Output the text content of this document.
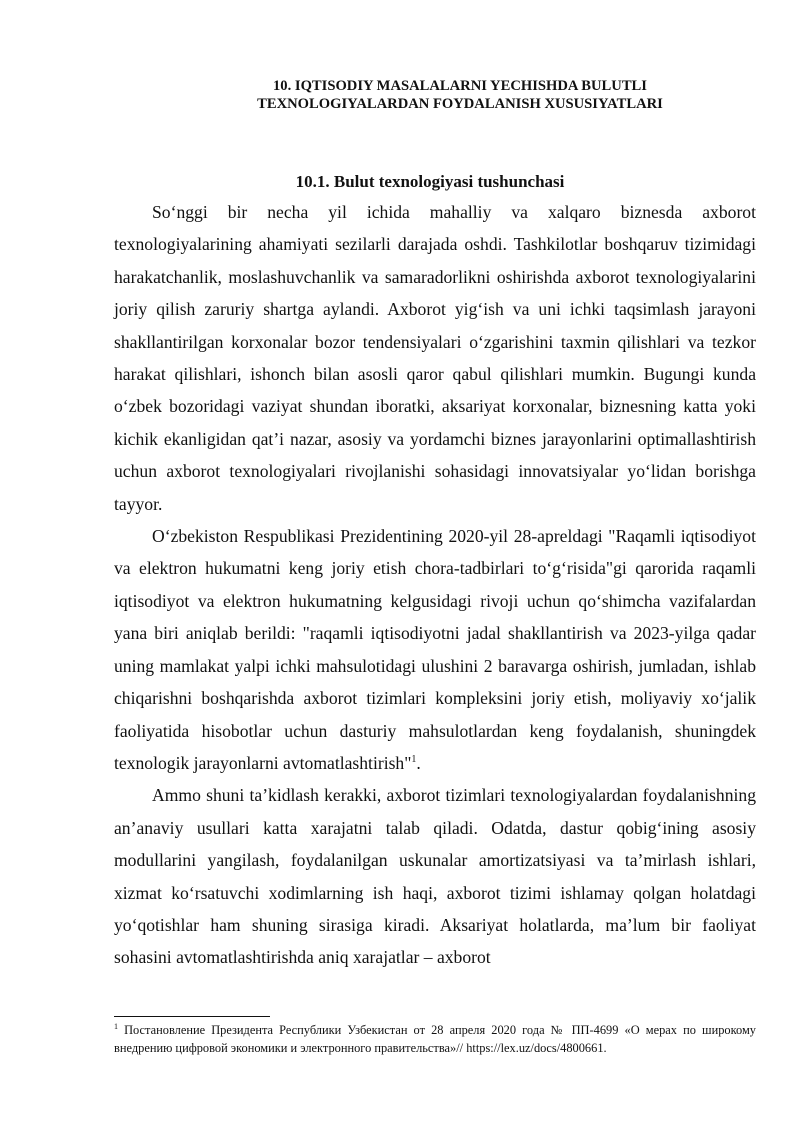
10. IQTISODIY MASALALARNI YECHISHDA BULUTLI
TEXNOLOGIYALARDAN FOYDALANISH XUSUSIYATLARI
10.1. Bulut texnologiyasi tushunchasi

So‘nggi bir necha yil ichida mahalliy va xalqaro biznesda axborot texnologiyalarining ahamiyati sezilarli darajada oshdi. Tashkilotlar boshqaruv tizimidagi harakatchanlik, moslashuvchanlik va samaradorlikni oshirishda axborot texnologiyalarini joriy qilish zaruriy shartga aylandi. Axborot yig‘ish va uni ichki taqsimlash jarayoni shakllantirilgan korxonalar bozor tendensiyalari o‘zgarishini taxmin qilishlari va tezkor harakat qilishlari, ishonch bilan asosli qaror qabul qilishlari mumkin. Bugungi kunda o‘zbek bozoridagi vaziyat shundan iboratki, aksariyat korxonalar, biznesning katta yoki kichik ekanligidan qat’i nazar, asosiy va yordamchi biznes jarayonlarini optimallashtirish uchun axborot texnologiyalari rivojlanishi sohasidagi innovatsiyalar yo‘lidan borishga tayyor.

O‘zbekiston Respublikasi Prezidentining 2020-yil 28-apreldagi "Raqamli iqtisodiyot va elektron hukumatni keng joriy etish chora-tadbirlari to‘g‘risida"gi qarorida raqamli iqtisodiyot va elektron hukumatning kelgusidagi rivoji uchun qo‘shimcha vazifalardan yana biri aniqlab berildi: "raqamli iqtisodiyotni jadal shakllantirish va 2023-yilga qadar uning mamlakat yalpi ichki mahsulotidagi ulushini 2 baravarga oshirish, jumladan, ishlab chiqarishni boshqarishda axborot tizimlari kompleksini joriy etish, moliyaviy xo‘jalik faoliyatida hisobotlar uchun dasturiy mahsulotlardan keng foydalanish, shuningdek texnologik jarayonlarni avtomatlashtirish"$^1$.

Ammo shuni ta’kidlash kerakki, axborot tizimlari texnologiyalardan foydalanishning an’anaviy usullari katta xarajatni talab qiladi. Odatda, dastur qobig‘ining asosiy modullarini yangilash, foydalanilgan uskunalar amortizatsiyasi va ta’mirlash ishlari, xizmat ko‘rsatuvchi xodimlarning ish haqi, axborot tizimi ishlamay qolgan holatdagi yo‘qotishlar ham shuning sirasiga kiradi. Aksariyat holatlarda, ma’lum bir faoliyat sohasini avtomatlashtirishda aniq xarajatlar – axborot

$^1$ Постановление Президента Республики Узбекистан от 28 апреля 2020 года № ПП-4699 «О мерах по широкому внедрению цифровой экономики и электронного правительства»// https://lex.uz/docs/4800661.
